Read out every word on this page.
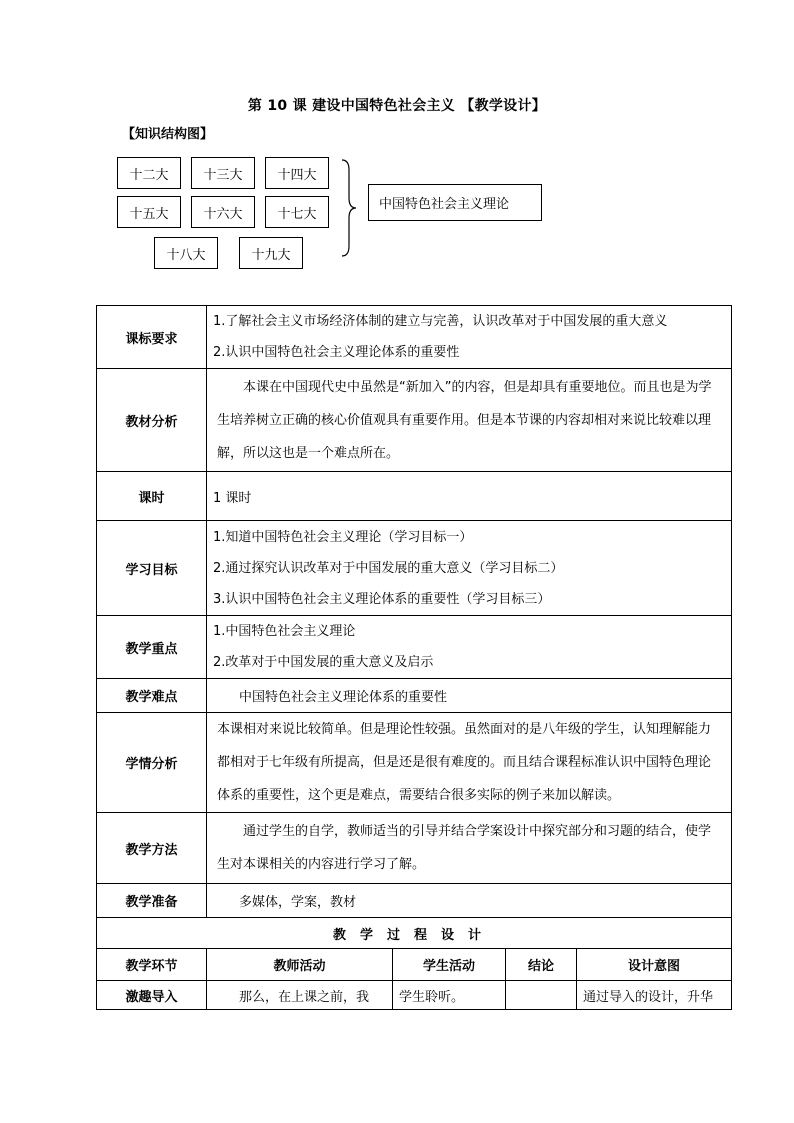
第 10 课 建设中国特色社会主义 【教学设计】
【知识结构图】
十二大	十三大	十四大
十五大	十六大	十七大
十八大	十九大
中国特色社会主义理论
课标要求	1.了解社会主义市场经济体制的建立与完善，认识改革对于中国发展的重大意义
2.认识中国特色社会主义理论体系的重要性			

教材分析	本课在中国现代史中虽然是“新加入”的内容，但是却具有重要地位。而且也是为学生培养树立正确的核心价值观具有重要作用。但是本节课的内容却相对来说比较难以理解，所以这也是一个难点所在。			

课时	1 课时			
学习目标	1.知道中国特色社会主义理论（学习目标一）
2.通过探究认识改革对于中国发展的重大意义（学习目标二）
3.认识中国特色社会主义理论体系的重要性（学习目标三）			

教学重点	1.中国特色社会主义理论
2.改革对于中国发展的重大意义及启示			

教学难点	中国特色社会主义理论体系的重要性			
学情分析	本课相对来说比较简单。但是理论性较强。虽然面对的是八年级的学生，认知理解能力都相对于七年级有所提高，但是还是很有难度的。而且结合课程标准认识中国特色理论体系的重要性，这个更是难点，需要结合很多实际的例子来加以解读。			

教学方法	通过学生的自学，教师适当的引导并结合学案设计中探究部分和习题的结合，使学生对本课相关的内容进行学习了解。			

教学准备	多媒体，学案，教材			
教学过程设计				
教学环节	教师活动	学生活动	结论	设计意图
激趣导入	那么，在上课之前，我	学生聆听。		通过导入的设计，升华
